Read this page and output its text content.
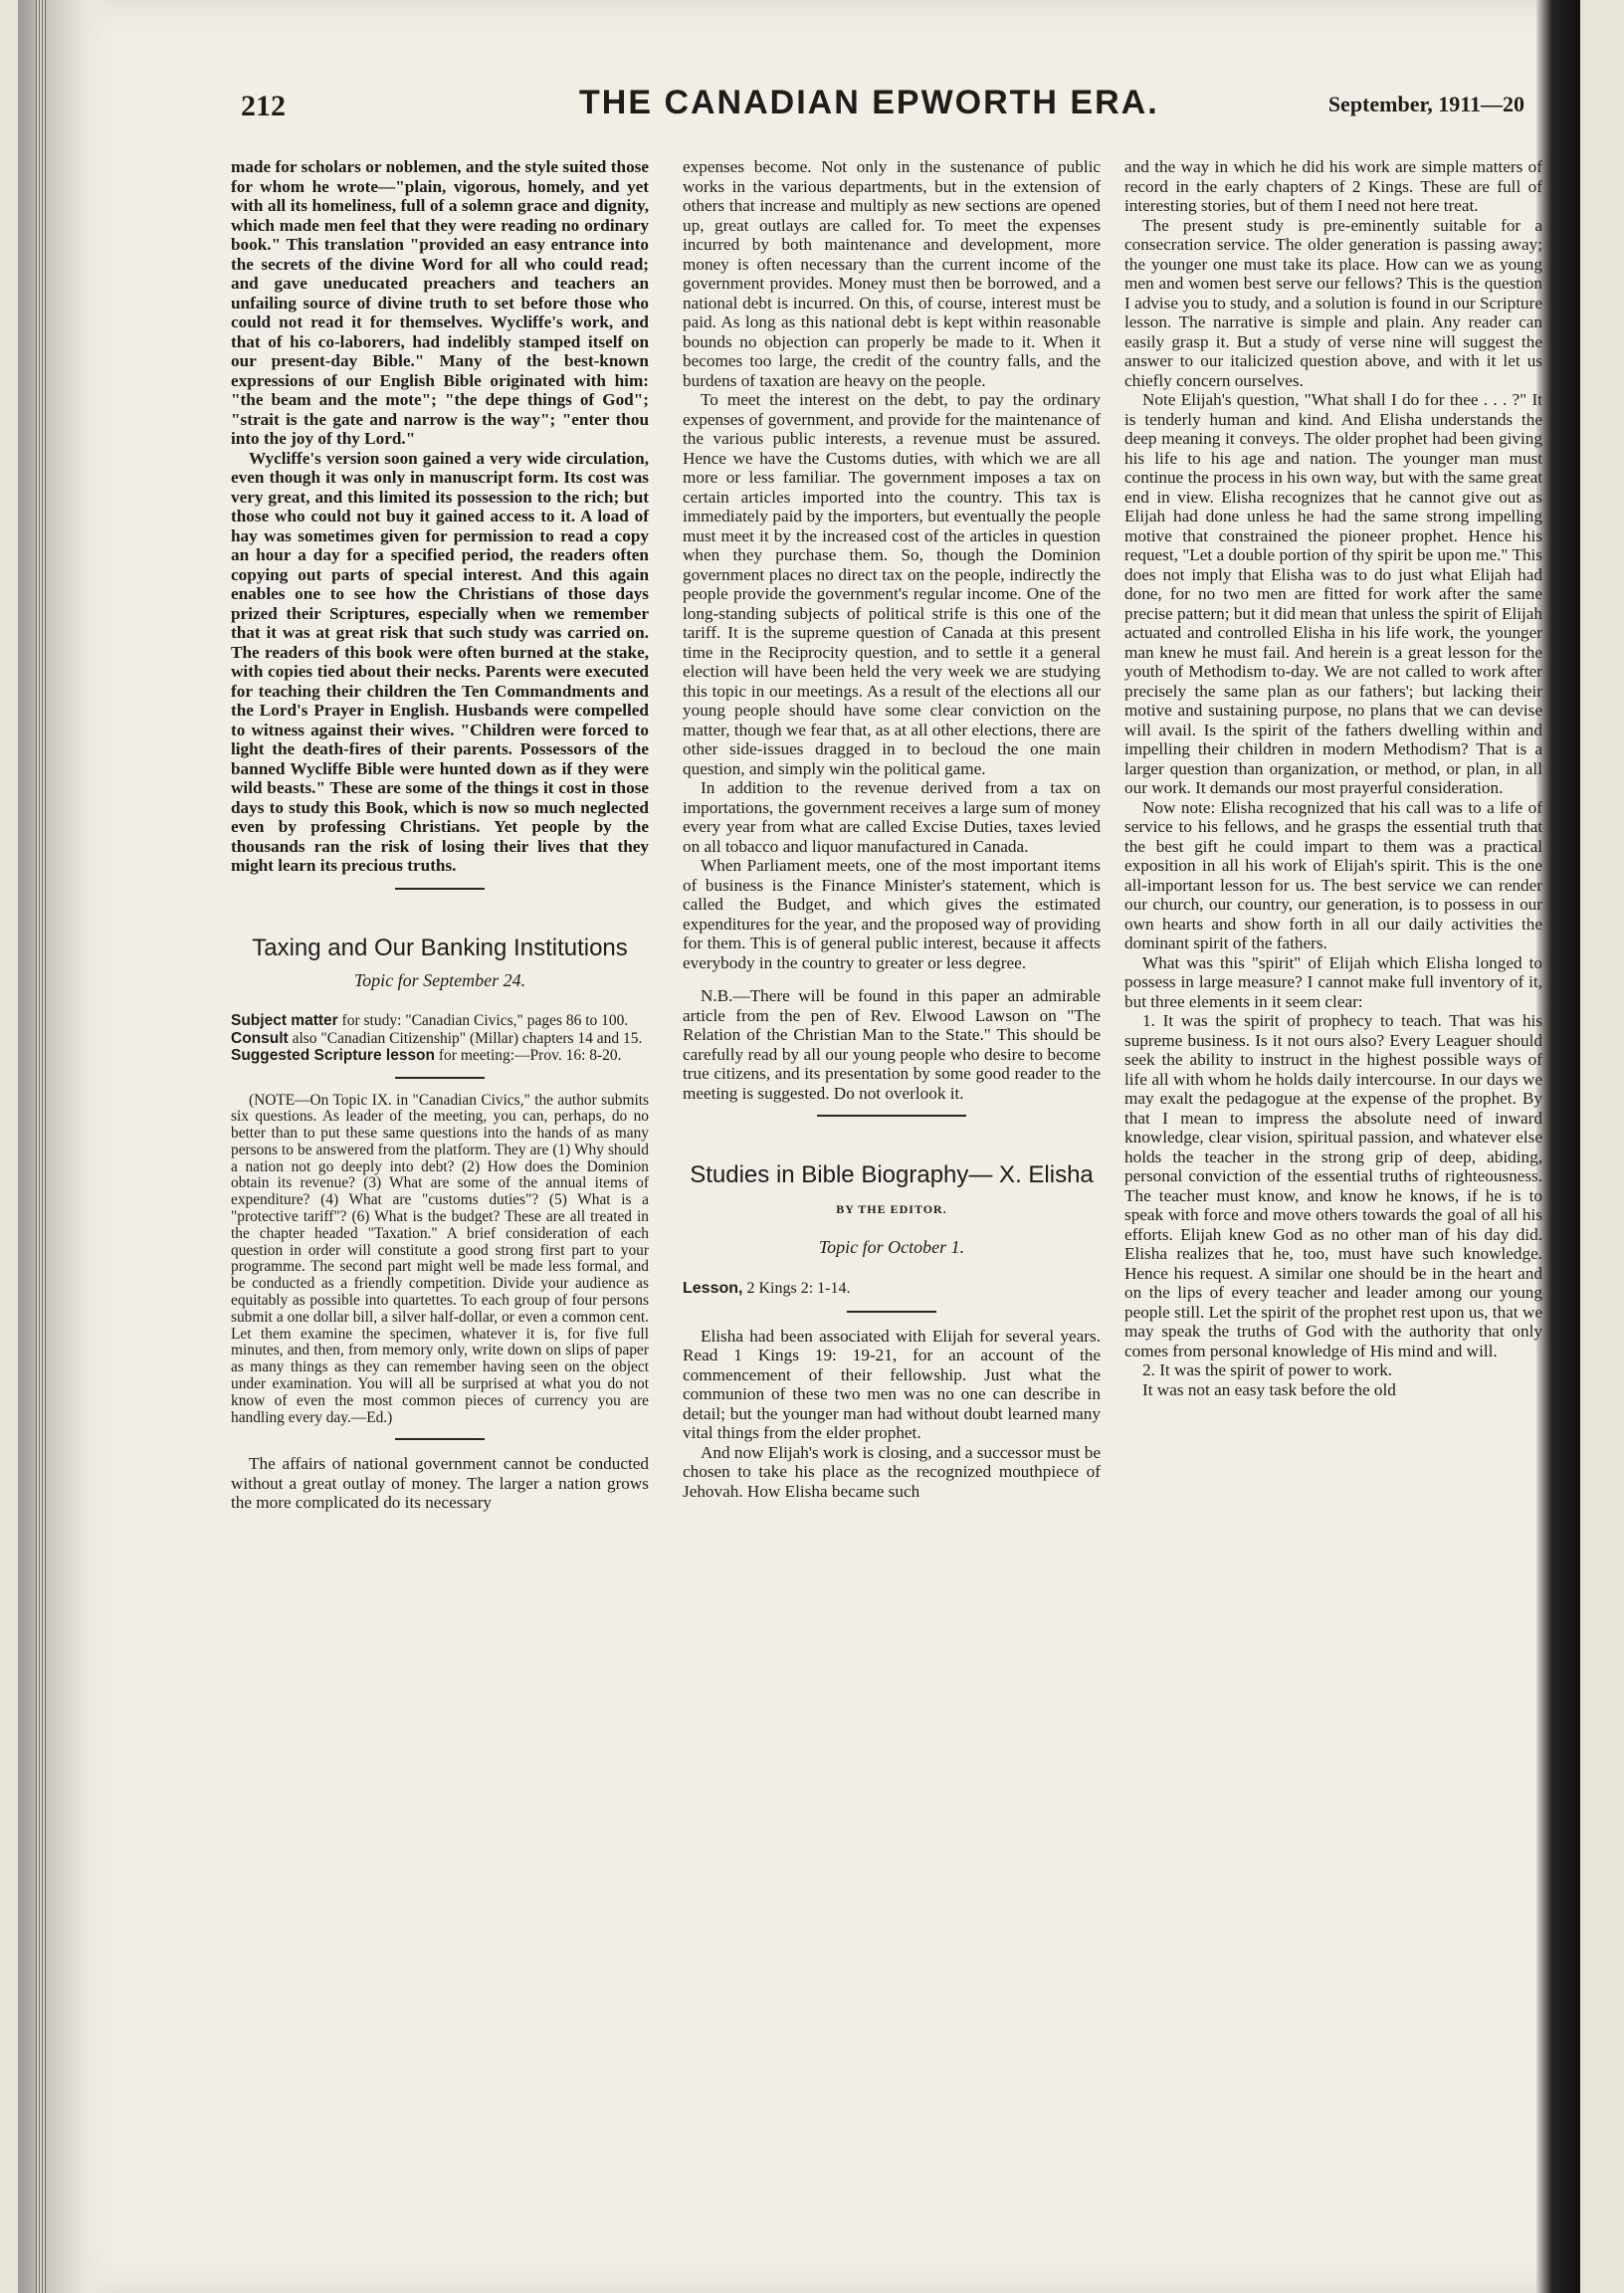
212	THE CANADIAN EPWORTH ERA.	September, 1911—20

made for scholars or noblemen, and the style suited those for whom he wrote—"plain, vigorous, homely, and yet with all its homeliness, full of a solemn grace and dignity, which made men feel that they were reading no ordinary book." This translation "provided an easy entrance into the secrets of the divine Word for all who could read; and gave uneducated preachers and teachers an unfailing source of divine truth to set before those who could not read it for themselves. Wycliffe's work, and that of his co-laborers, had indelibly stamped itself on our present-day Bible." Many of the best-known expressions of our English Bible originated with him: "the beam and the mote"; "the depe things of God"; "strait is the gate and narrow is the way"; "enter thou into the joy of thy Lord."

Wycliffe's version soon gained a very wide circulation, even though it was only in manuscript form. Its cost was very great, and this limited its possession to the rich; but those who could not buy it gained access to it. A load of hay was sometimes given for permission to read a copy an hour a day for a specified period, the readers often copying out parts of special interest. And this again enables one to see how the Christians of those days prized their Scriptures, especially when we remember that it was at great risk that such study was carried on. The readers of this book were often burned at the stake, with copies tied about their necks. Parents were executed for teaching their children the Ten Commandments and the Lord's Prayer in English. Husbands were compelled to witness against their wives. "Children were forced to light the death-fires of their parents. Possessors of the banned Wycliffe Bible were hunted down as if they were wild beasts." These are some of the things it cost in those days to study this Book, which is now so much neglected even by professing Christians. Yet people by the thousands ran the risk of losing their lives that they might learn its precious truths.

Taxing and Our Banking Institutions
Topic for September 24.

Subject matter for study: "Canadian Civics," pages 86 to 100.

Consult also "Canadian Citizenship" (Millar) chapters 14 and 15.

Suggested Scripture lesson for meeting:—Prov. 16: 8-20.

(NOTE—On Topic IX. in "Canadian Civics," the author submits six questions. As leader of the meeting, you can, perhaps, do no better than to put these same questions into the hands of as many persons to be answered from the platform. They are (1) Why should a nation not go deeply into debt? (2) How does the Dominion obtain its revenue? (3) What are some of the annual items of expenditure? (4) What are "customs duties"? (5) What is a "protective tariff"? (6) What is the budget? These are all treated in the chapter headed "Taxation." A brief consideration of each question in order will constitute a good strong first part to your programme. The second part might well be made less formal, and be conducted as a friendly competition. Divide your audience as equitably as possible into quartettes. To each group of four persons submit a one dollar bill, a silver half-dollar, or even a common cent. Let them examine the specimen, whatever it is, for five full minutes, and then, from memory only, write down on slips of paper as many things as they can remember having seen on the object under examination. You will all be surprised at what you do not know of even the most common pieces of currency you are handling every day.—Ed.)

The affairs of national government cannot be conducted without a great outlay of money. The larger a nation grows the more complicated do its necessary

expenses become. Not only in the sustenance of public works in the various departments, but in the extension of others that increase and multiply as new sections are opened up, great outlays are called for. To meet the expenses incurred by both maintenance and development, more money is often necessary than the current income of the government provides. Money must then be borrowed, and a national debt is incurred. On this, of course, interest must be paid. As long as this national debt is kept within reasonable bounds no objection can properly be made to it. When it becomes too large, the credit of the country falls, and the burdens of taxation are heavy on the people.

To meet the interest on the debt, to pay the ordinary expenses of government, and provide for the maintenance of the various public interests, a revenue must be assured. Hence we have the Customs duties, with which we are all more or less familiar. The government imposes a tax on certain articles imported into the country. This tax is immediately paid by the importers, but eventually the people must meet it by the increased cost of the articles in question when they purchase them. So, though the Dominion government places no direct tax on the people, indirectly the people provide the government's regular income. One of the long-standing subjects of political strife is this one of the tariff. It is the supreme question of Canada at this present time in the Reciprocity question, and to settle it a general election will have been held the very week we are studying this topic in our meetings. As a result of the elections all our young people should have some clear conviction on the matter, though we fear that, as at all other elections, there are other side-issues dragged in to becloud the one main question, and simply win the political game.

In addition to the revenue derived from a tax on importations, the government receives a large sum of money every year from what are called Excise Duties, taxes levied on all tobacco and liquor manufactured in Canada.

When Parliament meets, one of the most important items of business is the Finance Minister's statement, which is called the Budget, and which gives the estimated expenditures for the year, and the proposed way of providing for them. This is of general public interest, because it affects everybody in the country to greater or less degree.

N.B.—There will be found in this paper an admirable article from the pen of Rev. Elwood Lawson on "The Relation of the Christian Man to the State." This should be carefully read by all our young people who desire to become true citizens, and its presentation by some good reader to the meeting is suggested. Do not overlook it.

Studies in Bible Biography— X. Elisha
BY THE EDITOR.
Topic for October 1.

Lesson, 2 Kings 2: 1-14.

Elisha had been associated with Elijah for several years. Read 1 Kings 19: 19-21, for an account of the commencement of their fellowship. Just what the communion of these two men was no one can describe in detail; but the younger man had without doubt learned many vital things from the elder prophet.

And now Elijah's work is closing, and a successor must be chosen to take his place as the recognized mouthpiece of Jehovah. How Elisha became such

and the way in which he did his work are simple matters of record in the early chapters of 2 Kings. These are full of interesting stories, but of them I need not here treat.

The present study is pre-eminently suitable for a consecration service. The older generation is passing away; the younger one must take its place. How can we as young men and women best serve our fellows? This is the question I advise you to study, and a solution is found in our Scripture lesson. The narrative is simple and plain. Any reader can easily grasp it. But a study of verse nine will suggest the answer to our italicized question above, and with it let us chiefly concern ourselves.

Note Elijah's question, "What shall I do for thee . . . ?" It is tenderly human and kind. And Elisha understands the deep meaning it conveys. The older prophet had been giving his life to his age and nation. The younger man must continue the process in his own way, but with the same great end in view. Elisha recognizes that he cannot give out as Elijah had done unless he had the same strong impelling motive that constrained the pioneer prophet. Hence his request, "Let a double portion of thy spirit be upon me." This does not imply that Elisha was to do just what Elijah had done, for no two men are fitted for work after the same precise pattern; but it did mean that unless the spirit of Elijah actuated and controlled Elisha in his life work, the younger man knew he must fail. And herein is a great lesson for the youth of Methodism to-day. We are not called to work after precisely the same plan as our fathers'; but lacking their motive and sustaining purpose, no plans that we can devise will avail. Is the spirit of the fathers dwelling within and impelling their children in modern Methodism? That is a larger question than organization, or method, or plan, in all our work. It demands our most prayerful consideration.

Now note: Elisha recognized that his call was to a life of service to his fellows, and he grasps the essential truth that the best gift he could impart to them was a practical exposition in all his work of Elijah's spirit. This is the one all-important lesson for us. The best service we can render our church, our country, our generation, is to possess in our own hearts and show forth in all our daily activities the dominant spirit of the fathers.

What was this "spirit" of Elijah which Elisha longed to possess in large measure? I cannot make full inventory of it, but three elements in it seem clear:

1. It was the spirit of prophecy to teach. That was his supreme business. Is it not ours also? Every Leaguer should seek the ability to instruct in the highest possible ways of life all with whom he holds daily intercourse. In our days we may exalt the pedagogue at the expense of the prophet. By that I mean to impress the absolute need of inward knowledge, clear vision, spiritual passion, and whatever else holds the teacher in the strong grip of deep, abiding, personal conviction of the essential truths of righteousness. The teacher must know, and know he knows, if he is to speak with force and move others towards the goal of all his efforts. Elijah knew God as no other man of his day did. Elisha realizes that he, too, must have such knowledge. Hence his request. A similar one should be in the heart and on the lips of every teacher and leader among our young people still. Let the spirit of the prophet rest upon us, that we may speak the truths of God with the authority that only comes from personal knowledge of His mind and will.

2. It was the spirit of power to work.

It was not an easy task before the old
